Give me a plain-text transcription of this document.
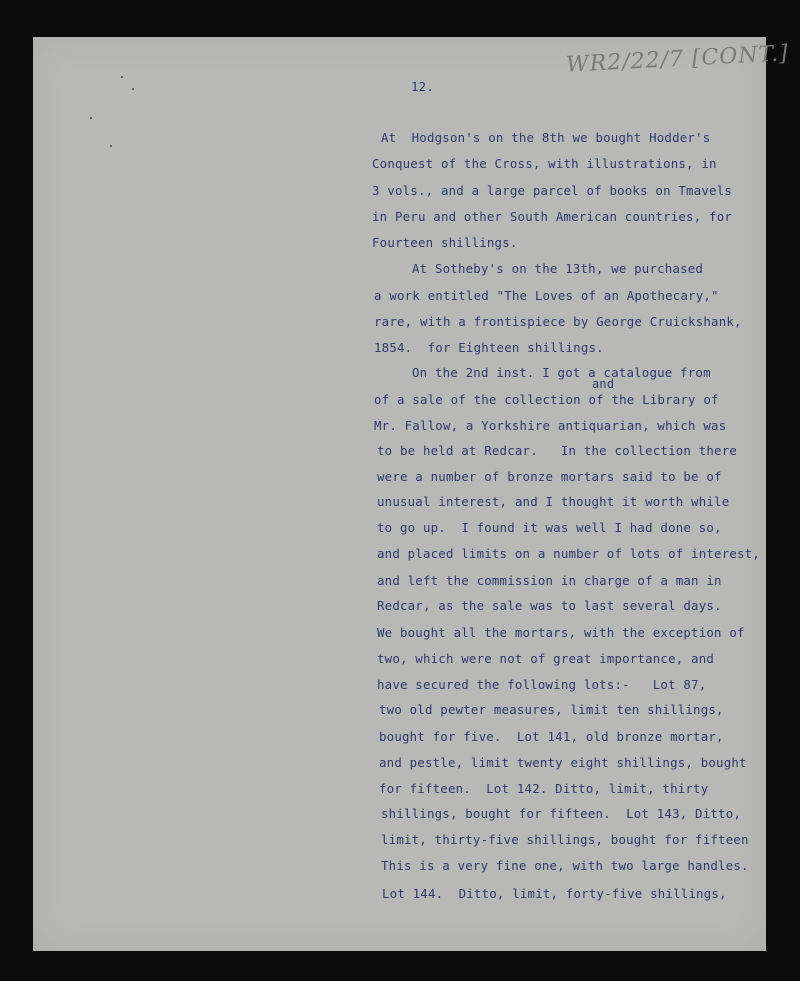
WR2/22/7 [CONT.]
12.
and
At  Hodgson's on the 8th we bought Hodder's
Conquest of the Cross, with illustrations, in
3 vols., and a large parcel of books on Tmavels
in Peru and other South American countries, for
Fourteen shillings.
At Sotheby's on the 13th, we purchased
a work entitled "The Loves of an Apothecary,"
rare, with a frontispiece by George Cruickshank,
1854.  for Eighteen shillings.
On the 2nd inst. I got a catalogue from
of a sale of the collection of the Library of
Mr. Fallow, a Yorkshire antiquarian, which was
to be held at Redcar.   In the collection there
were a number of bronze mortars said to be of
unusual interest, and I thought it worth while
to go up.  I found it was well I had done so,
and placed limits on a number of lots of interest,
and left the commission in charge of a man in
Redcar, as the sale was to last several days.
We bought all the mortars, with the exception of
two, which were not of great importance, and
have secured the following lots:-   Lot 87,
two old pewter measures, limit ten shillings,
bought for five.  Lot 141, old bronze mortar,
and pestle, limit twenty eight shillings, bought
for fifteen.  Lot 142. Ditto, limit, thirty
shillings, bought for fifteen.  Lot 143, Ditto,
limit, thirty-five shillings, bought for fifteen
This is a very fine one, with two large handles.
Lot 144.  Ditto, limit, forty-five shillings,
